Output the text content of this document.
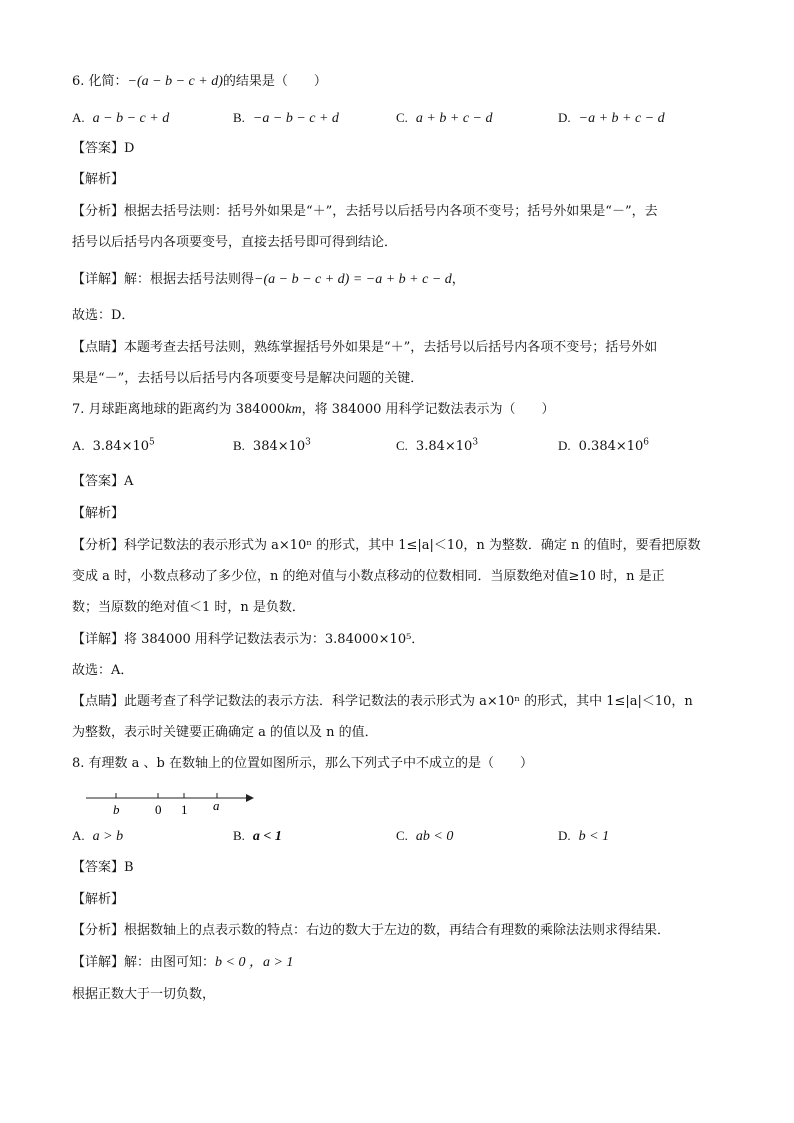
6. 化简：−(a − b − c + d)的结果是（　　）
A. a − b − c + d	B. −a − b − c + d	C. a + b + c − d	D. −a + b + c − d
【答案】D
【解析】
【分析】根据去括号法则：括号外如果是“＋”，去括号以后括号内各项不变号；括号外如果是“－”，去
括号以后括号内各项要变号，直接去括号即可得到结论．
【详解】解：根据去括号法则得−(a − b − c + d) = −a + b + c − d，
故选：D．
【点睛】本题考查去括号法则，熟练掌握括号外如果是“＋”，去括号以后括号内各项不变号；括号外如
果是“－”，去括号以后括号内各项要变号是解决问题的关键．
7. 月球距离地球的距离约为 384000km，将 384000 用科学记数法表示为（　　）
A. $3.84\times 10^5$	B. $384\times 10^3$	C. $3.84\times 10^3$	D. $0.384\times 10^6$
【答案】A
【解析】
【分析】科学记数法的表示形式为 a×10ⁿ 的形式，其中 1≤|a|＜10，n 为整数．确定 n 的值时，要看把原数
变成 a 时，小数点移动了多少位，n 的绝对值与小数点移动的位数相同．当原数绝对值≥10 时，n 是正
数；当原数的绝对值＜1 时，n 是负数．
【详解】将 384000 用科学记数法表示为：3.84000×10⁵．
故选：A．
【点睛】此题考查了科学记数法的表示方法．科学记数法的表示形式为 a×10ⁿ 的形式，其中 1≤|a|＜10，n
为整数，表示时关键要正确确定 a 的值以及 n 的值．
8. 有理数 a 、b 在数轴上的位置如图所示，那么下列式子中不成立的是（　　）
b	0 1 a
A. a > b	B. a < 1	C. ab < 0	D. b < 1
【答案】B
【解析】
【分析】根据数轴上的点表示数的特点：右边的数大于左边的数，再结合有理数的乘除法法则求得结果．
【详解】解：由图可知：b < 0 ，a > 1
根据正数大于一切负数，
